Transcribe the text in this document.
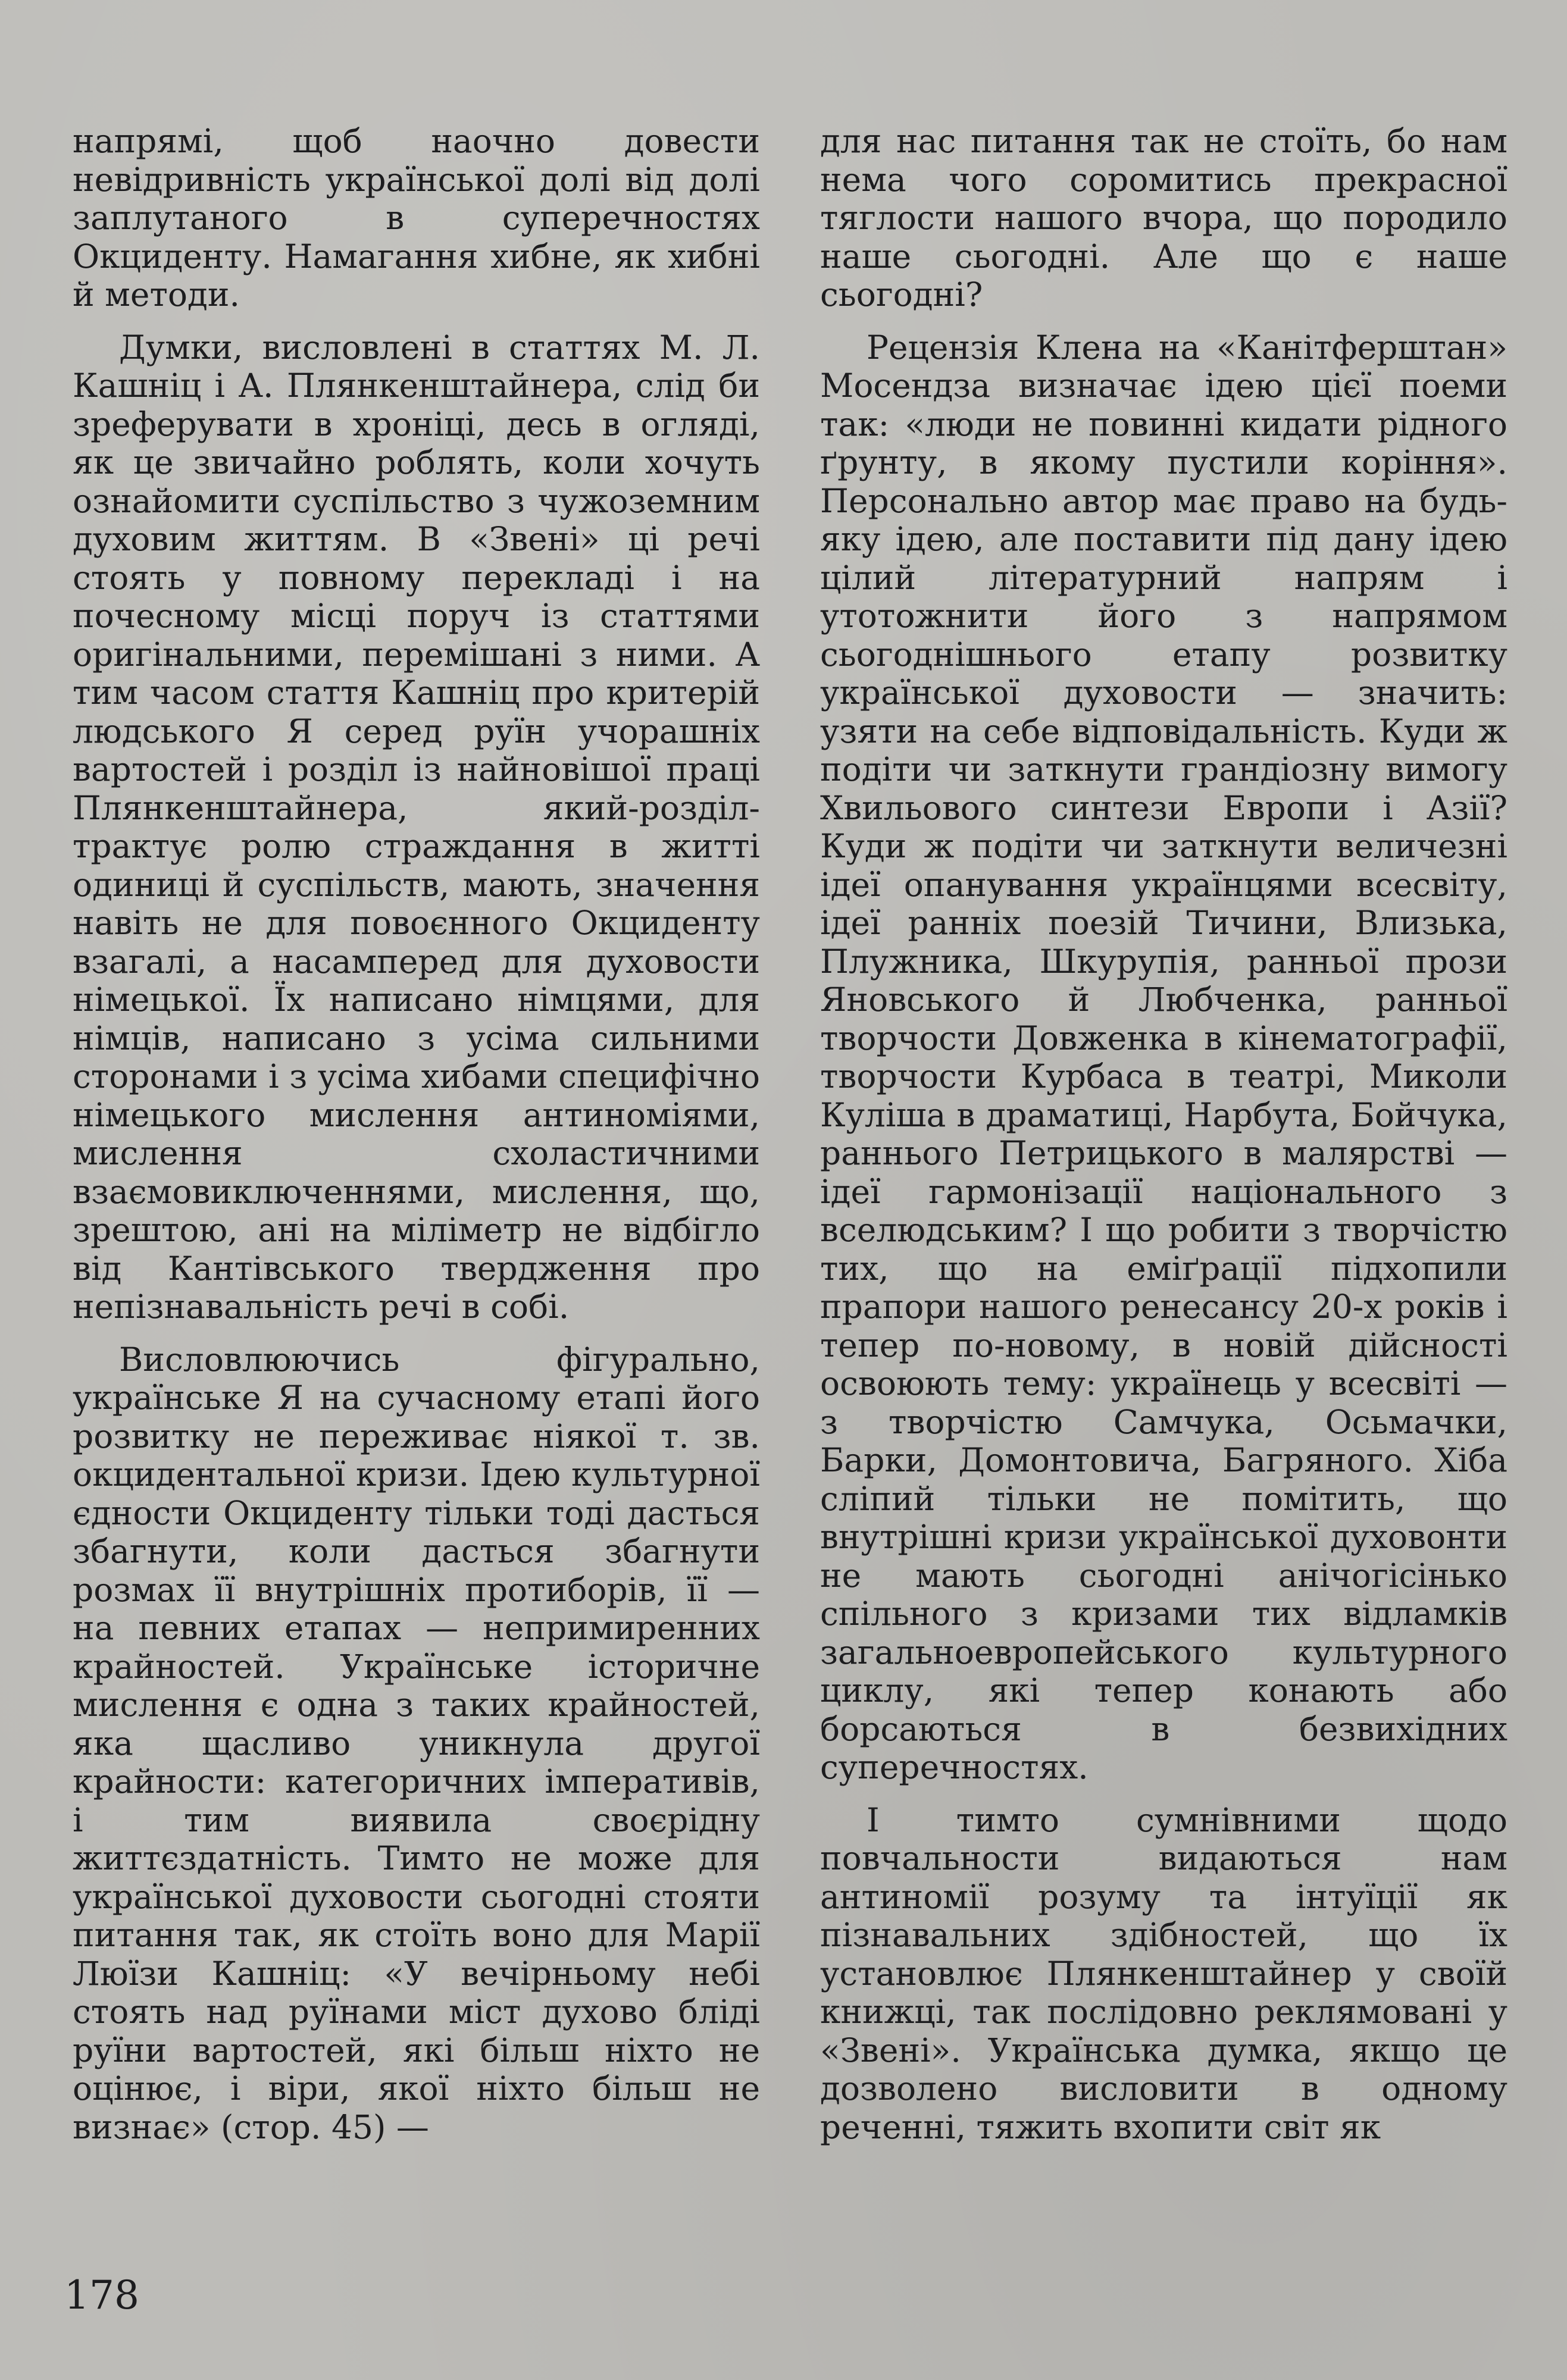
напрямі, щоб наочно довести невідривність української долі від долі заплутаного в суперечностях Окциденту. Намагання хибне, як хибні й методи.

Думки, висловлені в статтях М. Л. Кашніц і А. Плянкенштайнера, слід би зреферувати в хроніці, десь в огляді, як це звичайно роблять, коли хочуть ознайомити суспільство з чужоземним духовим життям. В «Звені» ці речі стоять у повному перекладі і на почесному місці поруч із статтями оригінальними, перемішані з ними. А тим часом стаття Кашніц про критерій людського Я серед руїн учорашніх вартостей і розділ із найновішої праці Плянкенштайнера, який-розділ-трактує ролю страждання в житті одиниці й суспільств, мають, значення навіть не для повоєнного Окциденту взагалі, а насамперед для духовости німецької. Їх написано німцями, для німців, написано з усіма сильними сторонами і з усіма хибами специфічно німецького мислення антиноміями, мислення схоластичними взаємовиключеннями, мислення, що, зрештою, ані на міліметр не відбігло від Кантівського твердження про непізнавальність речі в собі.

Висловлюючись фігурально, українське Я на сучасному етапі його розвитку не переживає ніякої т. зв. окцидентальної кризи. Ідею культурної єдности Окциденту тільки тоді дасться збагнути, коли дасться збагнути розмах її внутрішніх протиборів, її — на певних етапах — непримиренних крайностей. Українське історичне мислення є одна з таких крайностей, яка щасливо уникнула другої крайности: категоричних імперативів, і тим виявила своєрідну життєздатність. Тимто не може для української духовости сьогодні стояти питання так, як стоїть воно для Марії Люїзи Кашніц: «У вечірньому небі стоять над руїнами міст духово бліді руїни вартостей, які більш ніхто не оцінює, і віри, якої ніхто більш не визнає» (стор. 45) —

для нас питання так не стоїть, бо нам нема чого соромитись прекрасної тяглости нашого вчора, що породило наше сьогодні. Але що є наше сьогодні?

Рецензія Клена на «Канітферштан» Мосендза визначає ідею цієї поеми так: «люди не повинні кидати рідного ґрунту, в якому пустили коріння». Персонально автор має право на будь-яку ідею, але поставити під дану ідею цілий літературний напрям і утотожнити його з напрямом сьогоднішнього етапу розвитку української духовости — значить: узяти на себе відповідальність. Куди ж подіти чи заткнути грандіозну вимогу Хвильового синтези Европи і Азії? Куди ж подіти чи заткнути величезні ідеї опанування українцями всесвіту, ідеї ранніх поезій Тичини, Влизька, Плужника, Шкурупія, ранньої прози Яновського й Любченка, ранньої творчости Довженка в кінематографії, творчости Курбаса в театрі, Миколи Куліша в драматиці, Нарбута, Бойчука, раннього Петрицького в малярстві — ідеї гармонізації національного з вселюдським? І що робити з творчістю тих, що на еміґрації підхопили прапори нашого ренесансу 20-х років і тепер по-новому, в новій дійсності освоюють тему: українець у всесвіті — з творчістю Самчука, Осьмачки, Барки, Домонтовича, Багряного. Хіба сліпий тільки не помітить, що внутрішні кризи української духовонти не мають сьогодні анічогісінько спільного з кризами тих відламків загальноевропейського культурного циклу, які тепер конають або борсаються в безвихідних суперечностях.

І тимто сумнівними щодо повчальности видаються нам антиномії розуму та інтуїції як пізнавальних здібностей, що їх установлює Плянкенштайнер у своїй книжці, так послідовно реклямовані у «Звені». Українська думка, якщо це дозволено висловити в одному реченні, тяжить вхопити світ як

178
